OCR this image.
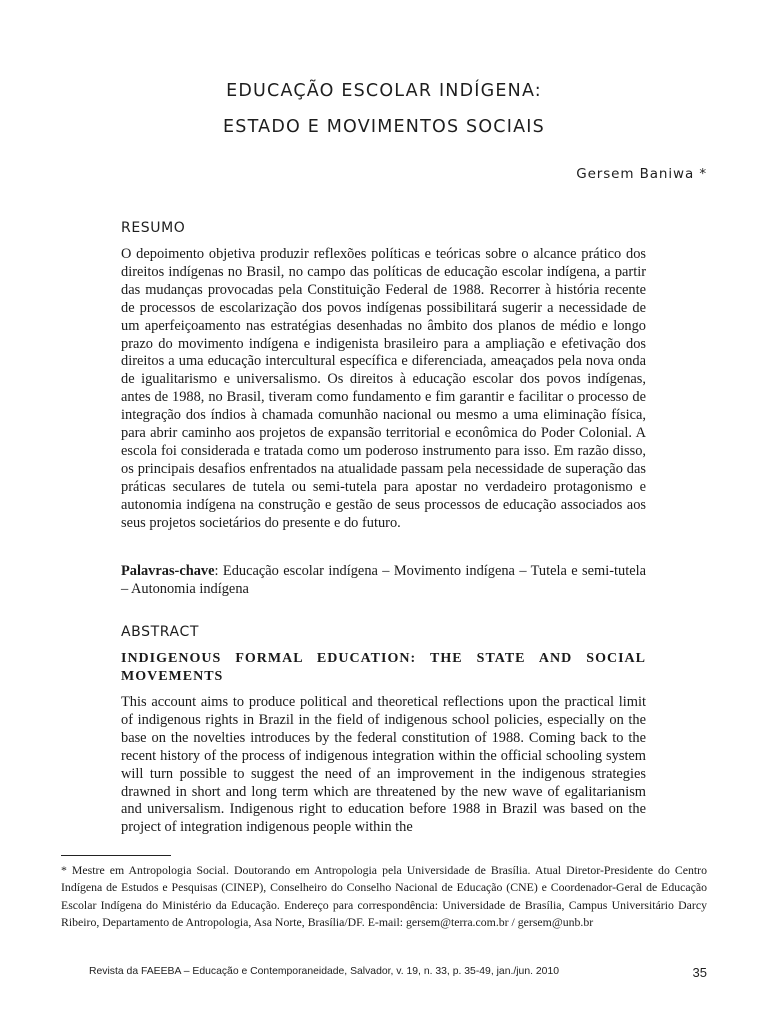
EDUCAÇÃO ESCOLAR INDÍGENA:
ESTADO E MOVIMENTOS SOCIAIS
Gersem Baniwa *
RESUMO

O depoimento objetiva produzir reflexões políticas e teóricas sobre o alcance prático dos direitos indígenas no Brasil, no campo das políticas de educação escolar indígena, a partir das mudanças provocadas pela Constituição Federal de 1988. Recorrer à história recente de processos de escolarização dos povos indígenas possibilitará sugerir a necessidade de um aperfeiçoamento nas estratégias desenhadas no âmbito dos planos de médio e longo prazo do movimento indígena e indigenista brasileiro para a ampliação e efetivação dos direitos a uma educação intercultural específica e diferenciada, ameaçados pela nova onda de igualitarismo e universalismo. Os direitos à educação escolar dos povos indígenas, antes de 1988, no Brasil, tiveram como fundamento e fim garantir e facilitar o processo de integração dos índios à chamada comunhão nacional ou mesmo a uma eliminação física, para abrir caminho aos projetos de expansão territorial e econômica do Poder Colonial. A escola foi considerada e tratada como um poderoso instrumento para isso. Em razão disso, os principais desafios enfrentados na atualidade passam pela necessidade de superação das práticas seculares de tutela ou semi-tutela para apostar no verdadeiro protagonismo e autonomia indígena na construção e gestão de seus processos de educação associados aos seus projetos societários do presente e do futuro.

Palavras-chave: Educação escolar indígena – Movimento indígena – Tutela e semi-tutela – Autonomia indígena

ABSTRACT

INDIGENOUS FORMAL EDUCATION: THE STATE AND SOCIAL MOVEMENTS

This account aims to produce political and theoretical reflections upon the practical limit of indigenous rights in Brazil in the field of indigenous school policies, especially on the base on the novelties introduces by the federal constitution of 1988. Coming back to the recent history of the process of indigenous integration within the official schooling system will turn possible to suggest the need of an improvement in the indigenous strategies drawned in short and long term which are threatened by the new wave of egalitarianism and universalism. Indigenous right to education before 1988 in Brazil was based on the project of integration indigenous people within the

* Mestre em Antropologia Social. Doutorando em Antropologia pela Universidade de Brasília. Atual Diretor-Presidente do Centro Indígena de Estudos e Pesquisas (CINEP), Conselheiro do Conselho Nacional de Educação (CNE) e Coordenador-Geral de Educação Escolar Indígena do Ministério da Educação. Endereço para correspondência: Universidade de Brasília, Campus Universitário Darcy Ribeiro, Departamento de Antropologia, Asa Norte, Brasília/DF. E-mail: gersem@terra.com.br / gersem@unb.br

Revista da FAEEBA – Educação e Contemporaneidade, Salvador, v. 19, n. 33, p. 35-49, jan./jun. 2010	35
